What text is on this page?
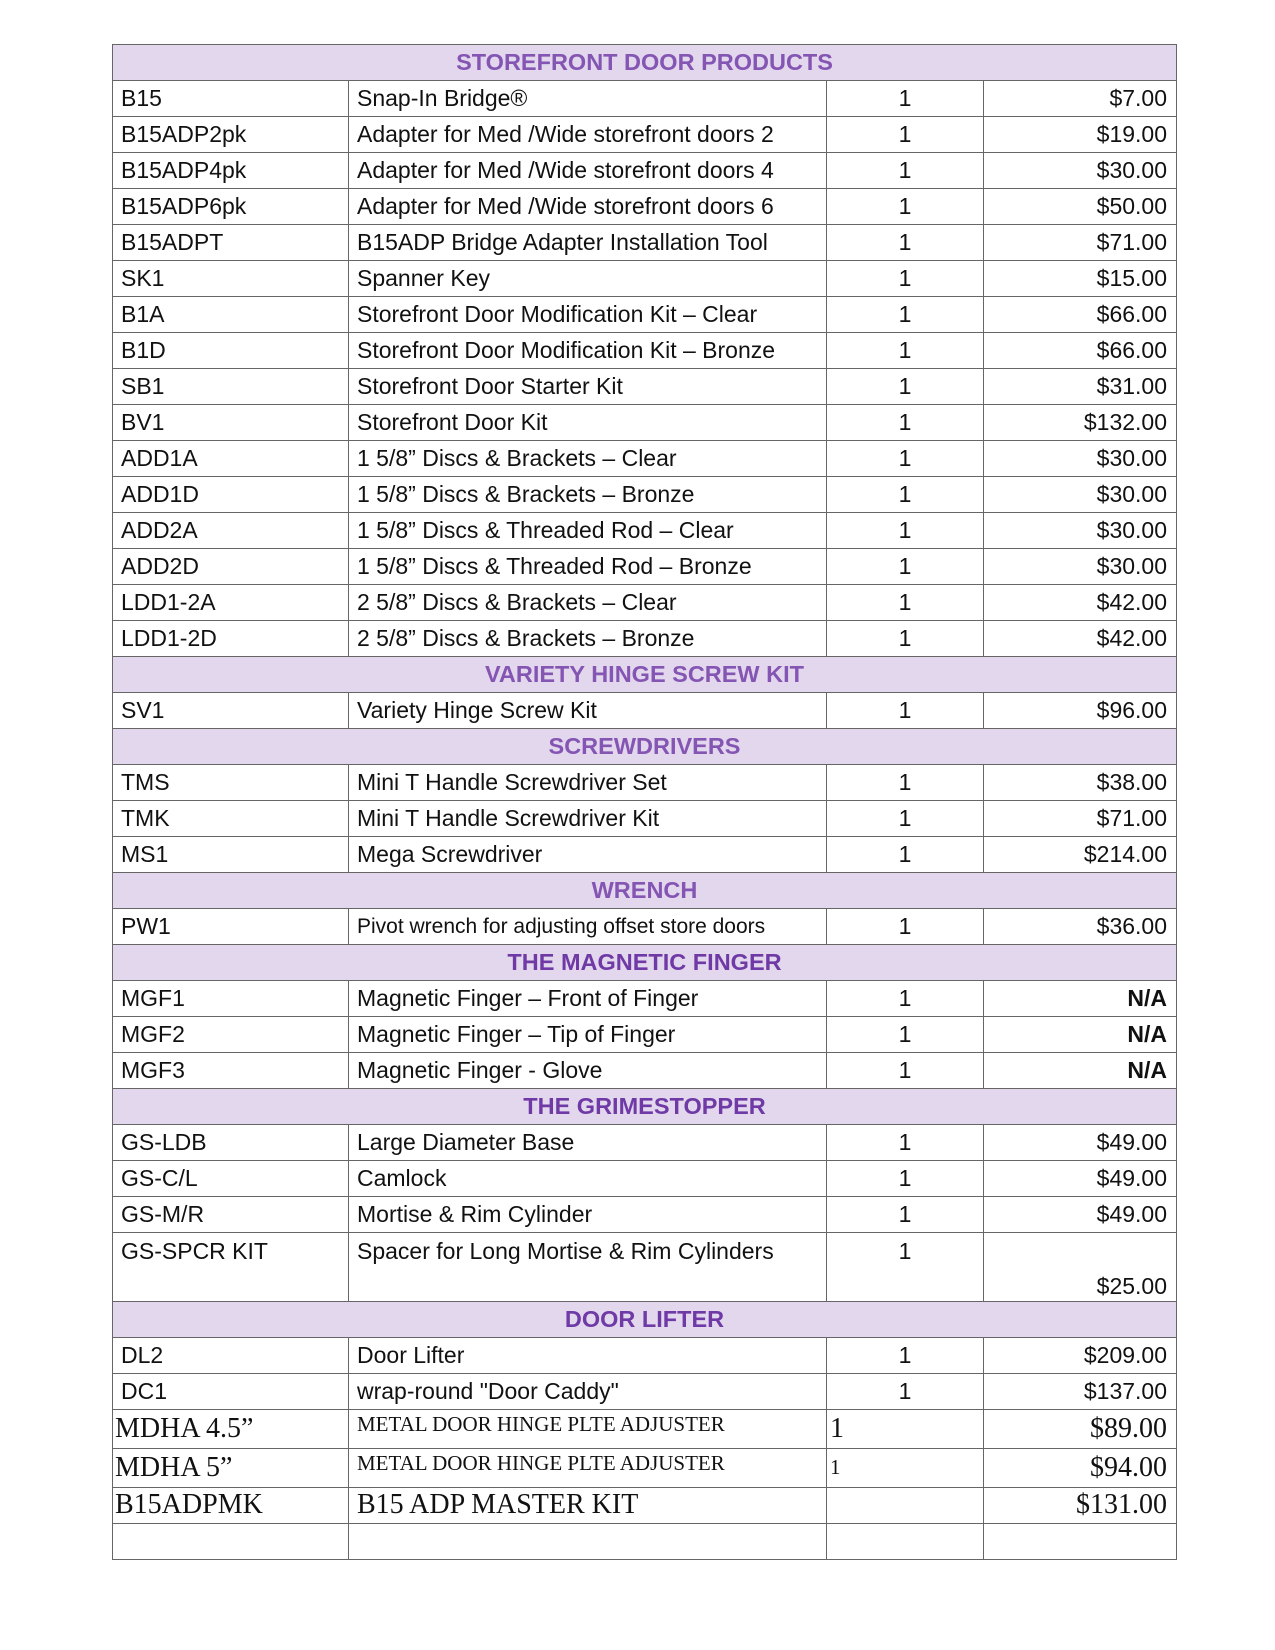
STOREFRONT DOOR PRODUCTS			
B15	Snap-In Bridge®	1	$7.00
B15ADP2pk	Adapter for Med /Wide storefront doors 2	1	$19.00
B15ADP4pk	Adapter for Med /Wide storefront doors 4	1	$30.00
B15ADP6pk	Adapter for Med /Wide storefront doors 6	1	$50.00
B15ADPT	B15ADP Bridge Adapter Installation Tool	1	$71.00
SK1	Spanner Key	1	$15.00
B1A	Storefront Door Modification Kit – Clear	1	$66.00
B1D	Storefront Door Modification Kit – Bronze	1	$66.00
SB1	Storefront Door Starter Kit	1	$31.00
BV1	Storefront Door Kit	1	$132.00
ADD1A	1 5/8” Discs & Brackets – Clear	1	$30.00
ADD1D	1 5/8” Discs & Brackets – Bronze	1	$30.00
ADD2A	1 5/8” Discs & Threaded Rod – Clear	1	$30.00
ADD2D	1 5/8” Discs & Threaded Rod – Bronze	1	$30.00
LDD1-2A	2 5/8” Discs & Brackets – Clear	1	$42.00
LDD1-2D	2 5/8” Discs & Brackets – Bronze	1	$42.00
VARIETY HINGE SCREW KIT			
SV1	Variety Hinge Screw Kit	1	$96.00
SCREWDRIVERS			
TMS	Mini T Handle Screwdriver Set	1	$38.00
TMK	Mini T Handle Screwdriver Kit	1	$71.00
MS1	Mega Screwdriver	1	$214.00
WRENCH			
PW1	Pivot wrench for adjusting offset store doors	1	$36.00
THE MAGNETIC FINGER			
MGF1	Magnetic Finger – Front of Finger	1	N/A
MGF2	Magnetic Finger – Tip of Finger	1	N/A
MGF3	Magnetic Finger - Glove	1	N/A
THE GRIMESTOPPER			
GS-LDB	Large Diameter Base	1	$49.00
GS-C/L	Camlock	1	$49.00
GS-M/R	Mortise & Rim Cylinder	1	$49.00
GS-SPCR KIT	Spacer for Long Mortise & Rim Cylinders	1	$25.00
DOOR LIFTER			
DL2	Door Lifter	1	$209.00
DC1	wrap-round "Door Caddy"	1	$137.00
MDHA 4.5”	METAL DOOR HINGE PLTE ADJUSTER	1	$89.00
MDHA 5”	METAL DOOR HINGE PLTE ADJUSTER	1	$94.00
B15ADPMK	B15 ADP MASTER KIT		$131.00
